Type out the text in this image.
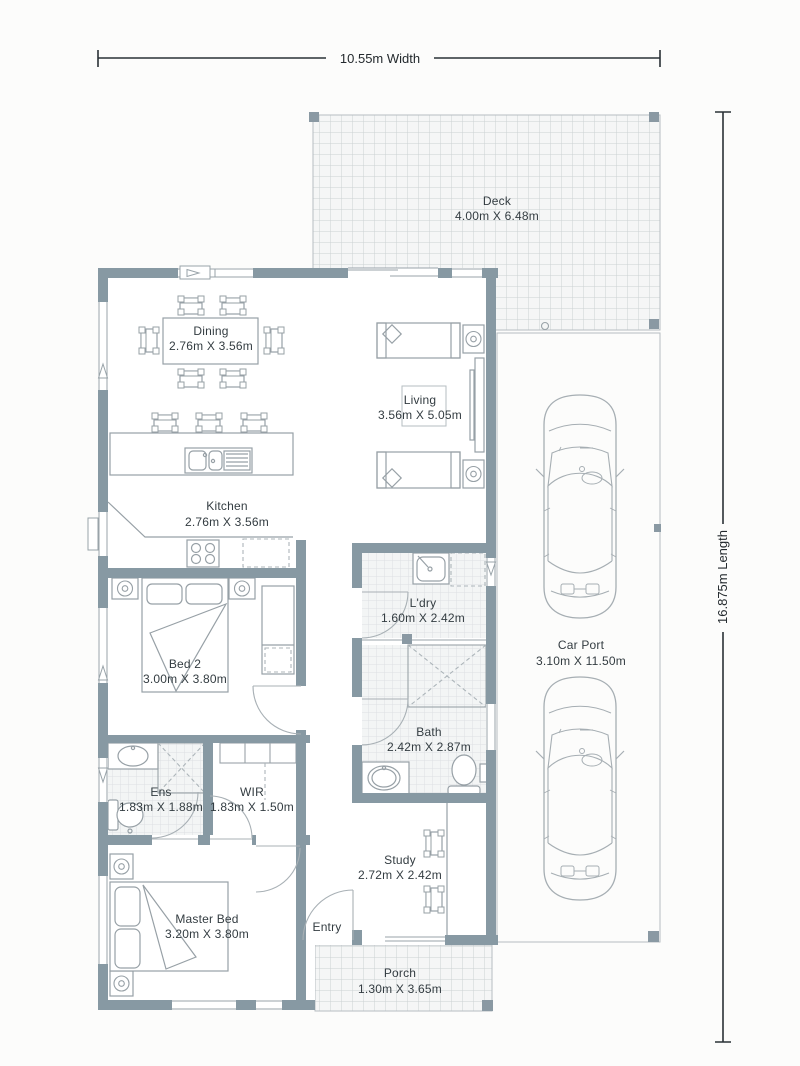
Deck 4.00m X 6.48m
Dining 2.76m X 3.56m
Living 3.56m X 5.05m
Kitchen 2.76m X 3.56m
L'dry 1.60m X 2.42m
Bed 2 3.00m X 3.80m
Bath 2.42m X 2.87m
Ens 1.83m X 1.88m
WIR 1.83m X 1.50m
Study 2.72m X 2.42m
Master Bed 3.20m X 3.80m	Entry
Porch 1.30m X 3.65m
Car Port 3.10m X 11.50m
10.55m Width
16.875m Length
